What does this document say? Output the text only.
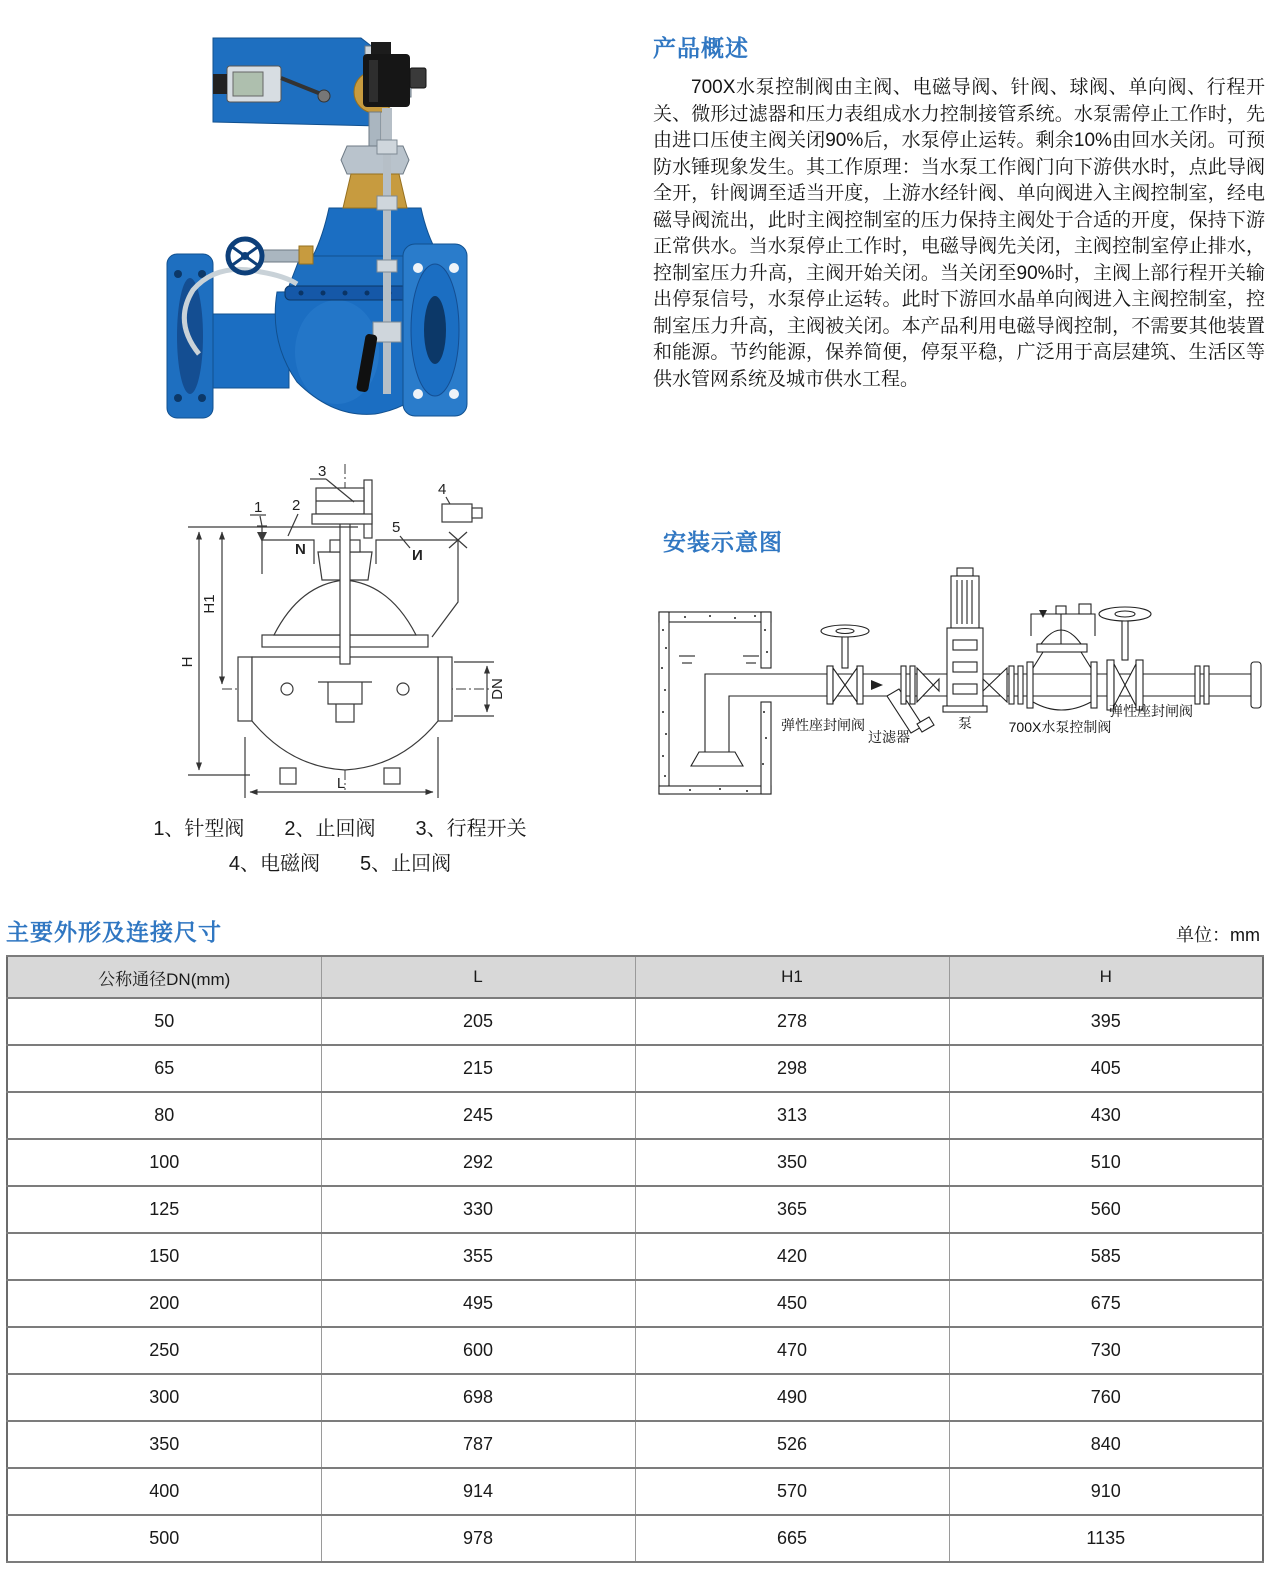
产品概述

700X水泵控制阀由主阀、电磁导阀、针阀、球阀、单向阀、行程开关、微形过滤器和压力表组成水力控制接管系统。水泵需停止工作时，先由进口压使主阀关闭90%后，水泵停止运转。剩余10%由回水关闭。可预防水锤现象发生。其工作原理：当水泵工作阀门向下游供水时，点此导阀全开，针阀调至适当开度，上游水经针阀、单向阀进入主阀控制室，经电磁导阀流出，此时主阀控制室的压力保持主阀处于合适的开度，保持下游正常供水。当水泵停止工作时，电磁导阀先关闭，主阀控制室停止排水，控制室压力升高，主阀开始关闭。当关闭至90%时，主阀上部行程开关输出停泵信号，水泵停止运转。此时下游回水晶单向阀进入主阀控制室，控制室压力升高，主阀被关闭。本产品利用电磁导阀控制，不需要其他装置和能源。节约能源，保养简便，停泵平稳，广泛用于高层建筑、生活区等供水管网系统及城市供水工程。

N
1 2
3
4
5
И
H
H1
DN
L
1、针型阀　　2、止回阀　　3、行程开关
4、电磁阀　　5、止回阀
安装示意图
弹性座封闸阀
过滤器
泵	700X水泵控制阀
弹性座封闸阀
主要外形及连接尺寸	单位：mm
公称通径DN(mm)	L	H1	H
50	205	278	395
65	215	298	405
80	245	313	430
100	292	350	510
125	330	365	560
150	355	420	585
200	495	450	675
250	600	470	730
300	698	490	760
350	787	526	840
400	914	570	910
500	978	665	1135
